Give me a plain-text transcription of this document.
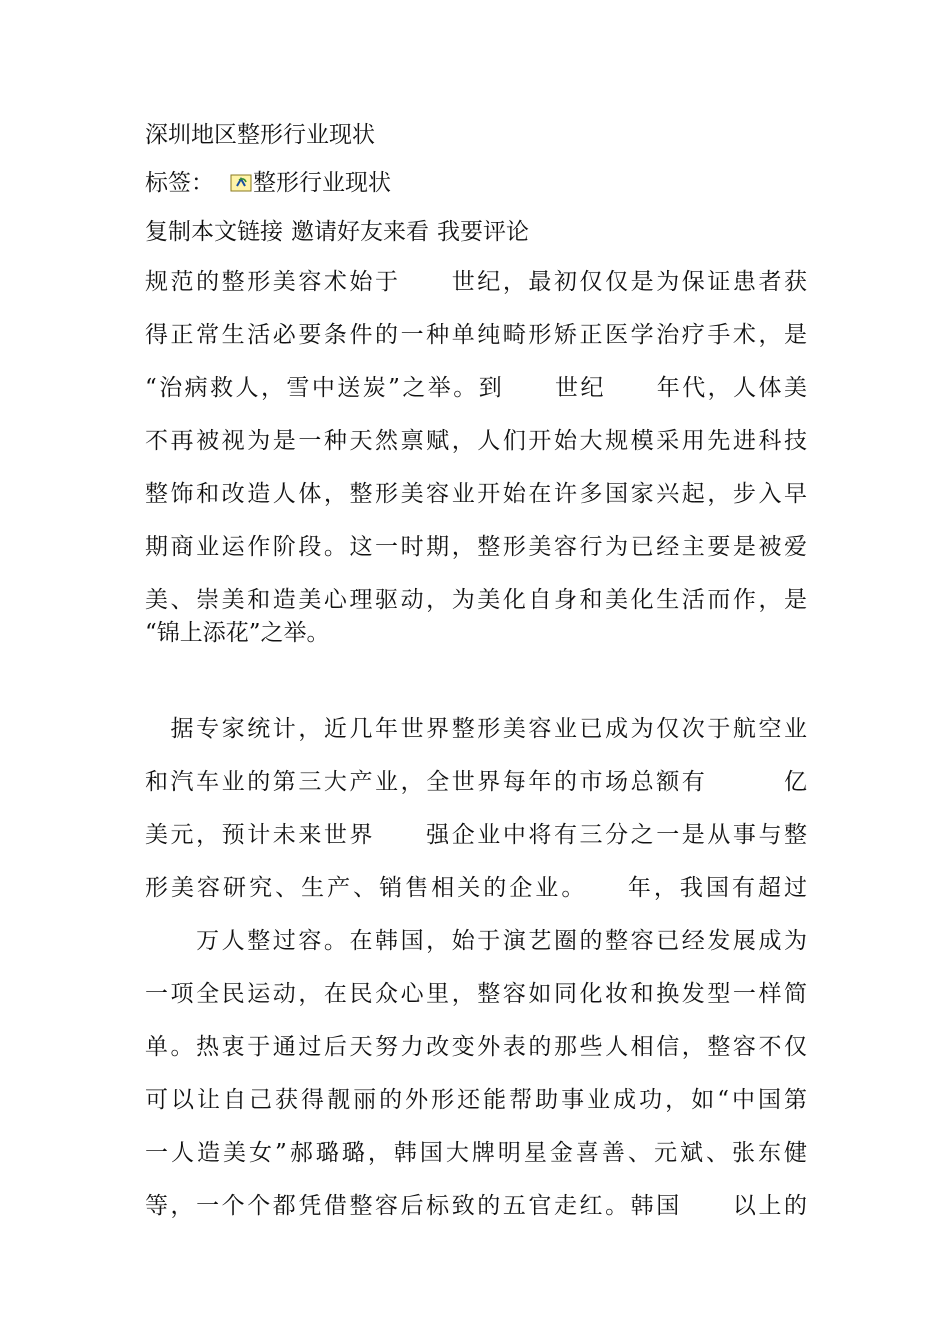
深圳地区整形行业现状
标签： 整形行业现状
复制本文链接 邀请好友来看 我要评论
规范的整形美容术始于　　世纪，最初仅仅是为保证患者获
得正常生活必要条件的一种单纯畸形矫正医学治疗手术，是
“治病救人，雪中送炭”之举。到　　世纪　　年代，人体美
不再被视为是一种天然禀赋，人们开始大规模采用先进科技
整饰和改造人体，整形美容业开始在许多国家兴起，步入早
期商业运作阶段。这一时期，整形美容行为已经主要是被爱
美、崇美和造美心理驱动，为美化自身和美化生活而作，是
“锦上添花”之举。
　据专家统计，近几年世界整形美容业已成为仅次于航空业
和汽车业的第三大产业，全世界每年的市场总额有　　　亿
美元，预计未来世界　　强企业中将有三分之一是从事与整
形美容研究、生产、销售相关的企业。　　年，我国有超过
　　万人整过容。在韩国，始于演艺圈的整容已经发展成为
一项全民运动，在民众心里，整容如同化妆和换发型一样简
单。热衷于通过后天努力改变外表的那些人相信，整容不仅
可以让自己获得靓丽的外形还能帮助事业成功，如“中国第
一人造美女”郝璐璐，韩国大牌明星金喜善、元斌、张东健
等，一个个都凭借整容后标致的五官走红。韩国　　以上的
